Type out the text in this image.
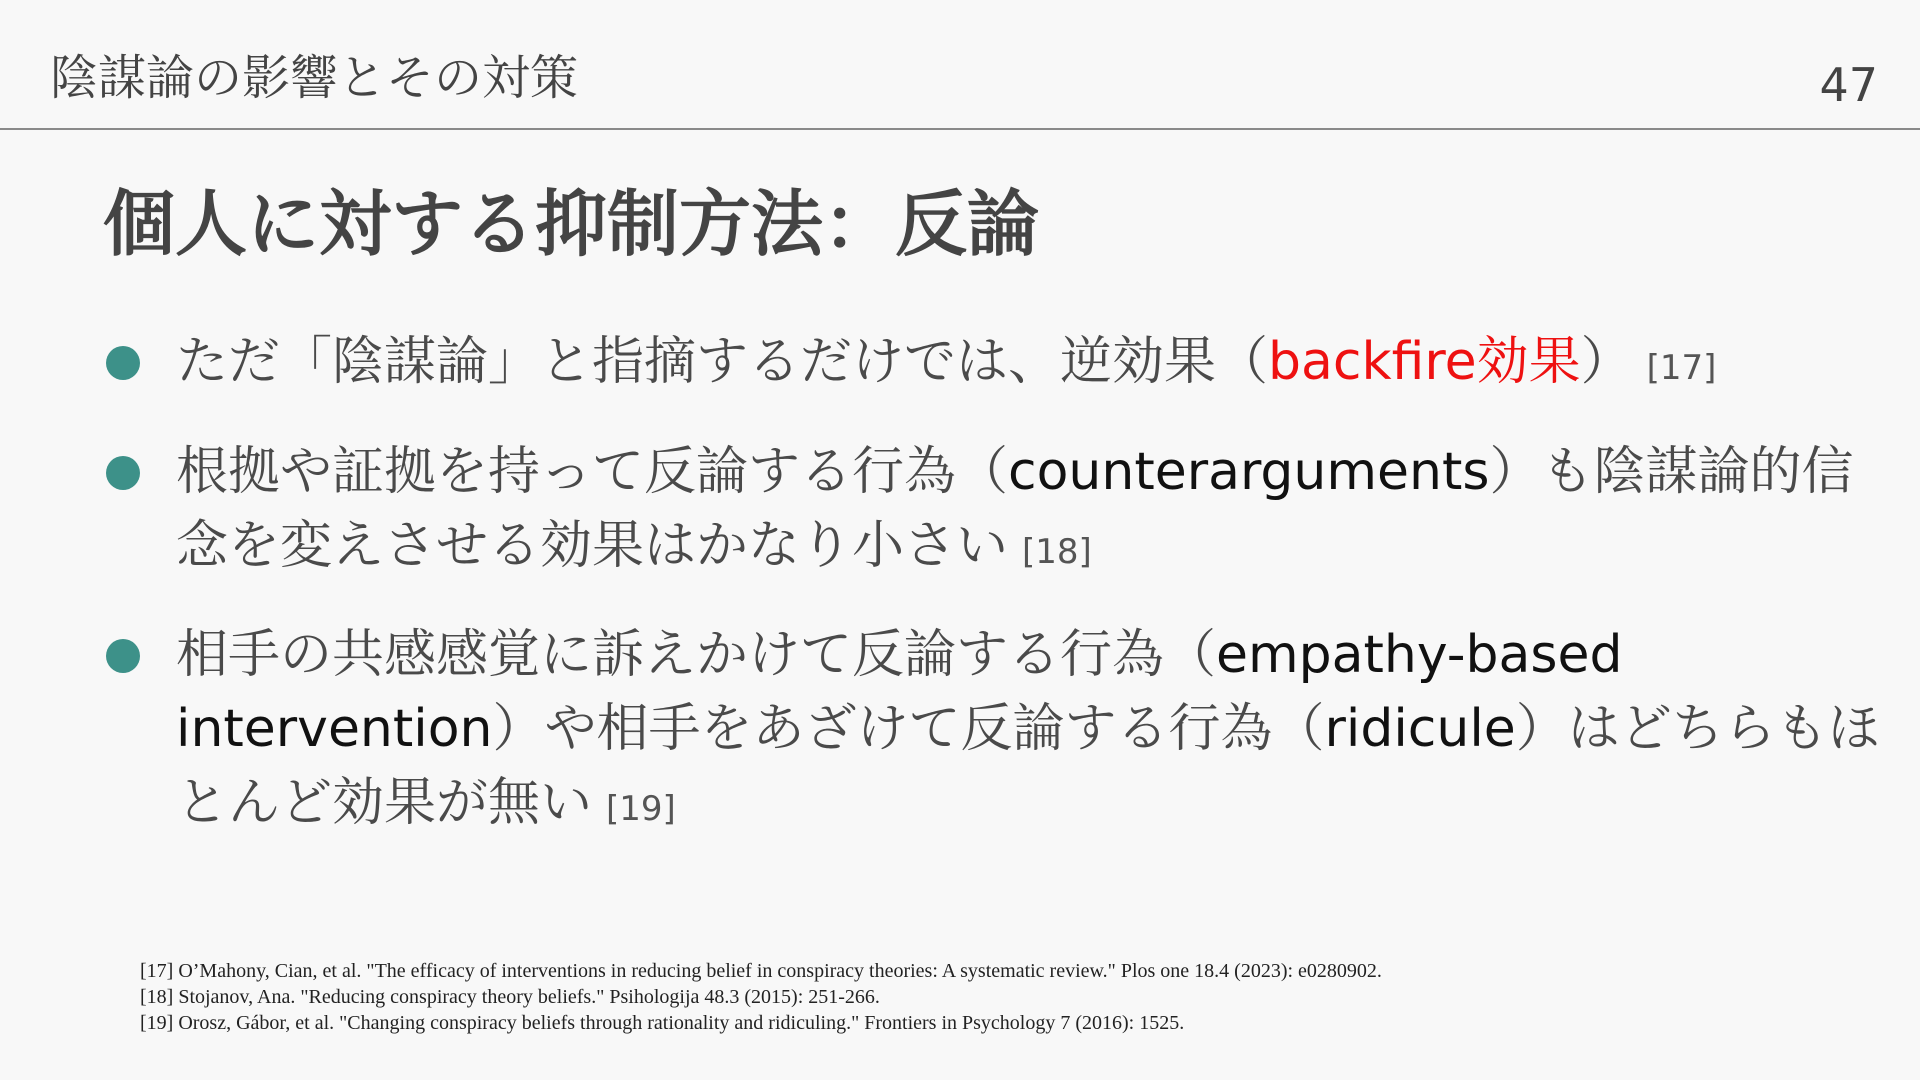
陰謀論の影響とその対策	47
個人に対する抑制方法：反論
ただ「陰謀論」と指摘するだけでは、逆効果（backfire効果） [17]
根拠や証拠を持って反論する行為（counterarguments）も陰謀論的信念を変えさせる効果はかなり小さい [18]
相手の共感感覚に訴えかけて反論する行為（empathy-based intervention）や相手をあざけて反論する行為（ridicule）はどちらもほとんど効果が無い [19]
[17] O’Mahony, Cian, et al. "The efficacy of interventions in reducing belief in conspiracy theories: A systematic review." Plos one 18.4 (2023): e0280902.
[18] Stojanov, Ana. "Reducing conspiracy theory beliefs." Psihologija 48.3 (2015): 251-266.
[19] Orosz, Gábor, et al. "Changing conspiracy beliefs through rationality and ridiculing." Frontiers in Psychology 7 (2016): 1525.
